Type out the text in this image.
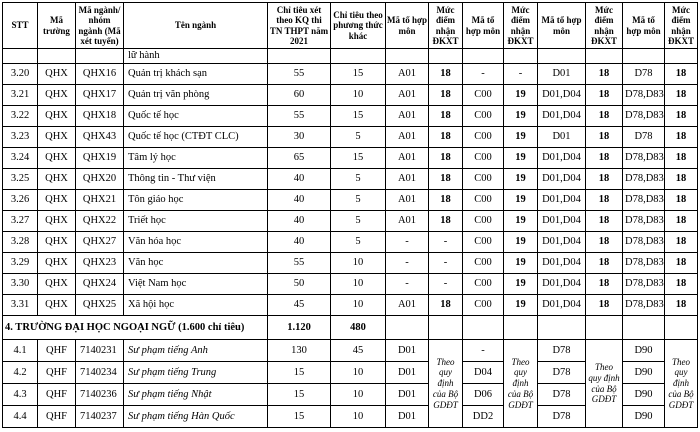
STT	Mã trường	Mã ngành/ nhóm ngành (Mã xét tuyển)	Tên ngành	Chỉ tiêu xét theo KQ thi TN THPT năm 2021	Chỉ tiêu theo phương thức khác	Mã tổ hợp môn	Mức điểm nhận ĐKXT	Mã tổ hợp môn	Mức điểm nhận ĐKXT	Mã tổ hợp môn	Mức điểm nhận ĐKXT	Mã tổ hợp môn	Mức điểm nhận ĐKXT
			lữ hành										
3.20	QHX	QHX16	Quản trị khách sạn	55	15	A01	18	-	-	D01	18	D78	18
3.21	QHX	QHX17	Quản trị văn phòng	60	10	A01	18	C00	19	D01,D04	18	D78,D83	18
3.22	QHX	QHX18	Quốc tế học	55	15	A01	18	C00	19	D01,D04	18	D78,D83	18
3.23	QHX	QHX43	Quốc tế học (CTĐT CLC)	30	5	A01	18	C00	19	D01	18	D78	18
3.24	QHX	QHX19	Tâm lý học	65	15	A01	18	C00	19	D01,D04	18	D78,D83	18
3.25	QHX	QHX20	Thông tin - Thư viện	40	5	A01	18	C00	19	D01,D04	18	D78,D83	18
3.26	QHX	QHX21	Tôn giáo học	40	5	A01	18	C00	19	D01,D04	18	D78,D83	18
3.27	QHX	QHX22	Triết học	40	5	A01	18	C00	19	D01,D04	18	D78,D83	18
3.28	QHX	QHX27	Văn hóa học	40	5	-	-	C00	19	D01,D04	18	D78,D83	18
3.29	QHX	QHX23	Văn học	55	10	-	-	C00	19	D01,D04	18	D78,D83	18
3.30	QHX	QHX24	Việt Nam học	50	10	-	-	C00	19	D01,D04	18	D78,D83	18
3.31	QHX	QHX25	Xã hội học	45	10	A01	18	C00	19	D01,D04	18	D78,D83	18
4. TRƯỜNG ĐẠI HỌC NGOẠI NGỮ (1.600 chỉ tiêu)				1.120	480								
4.1	QHF	7140231	Sư phạm tiếng Anh	130	45	D01	Theo quy định của Bộ GDĐT	-	Theo quy định của Bộ GDĐT	D78	Theo quy định của Bộ GDĐT	D90	Theo quy định của Bộ GDĐT
4.2	QHF	7140234	Sư phạm tiếng Trung	15	10	D01		D04		D78		D90	
4.3	QHF	7140236	Sư phạm tiếng Nhật	15	10	D01		D06		D78		D90	
4.4	QHF	7140237	Sư phạm tiếng Hàn Quốc	15	10	D01		DD2		D78		D90	
